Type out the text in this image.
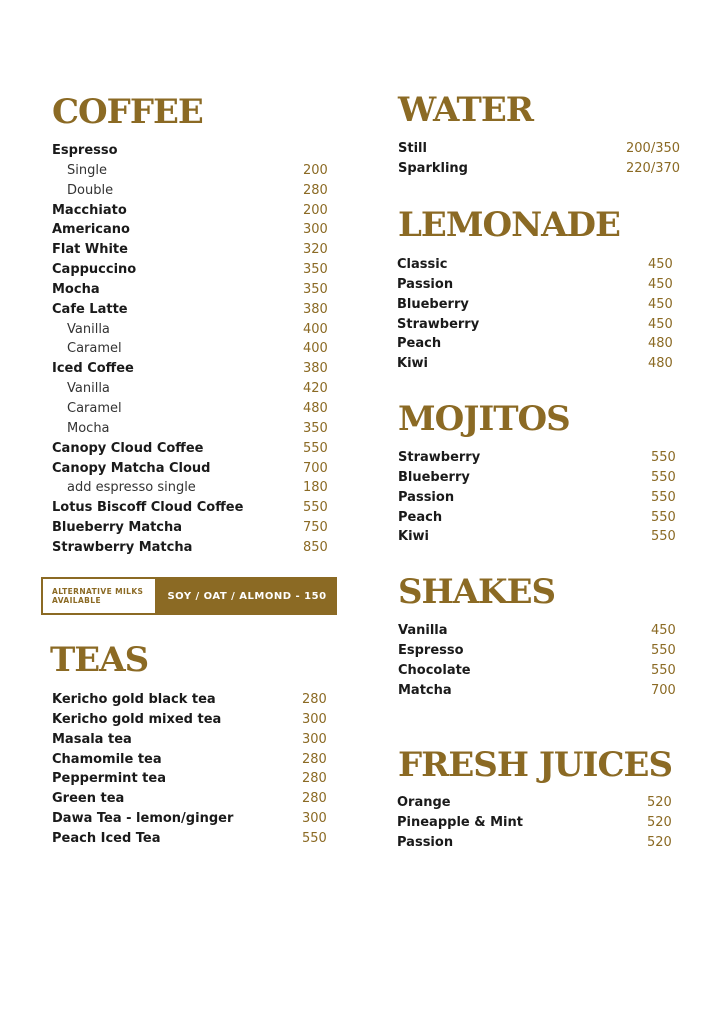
COFFEE
Espresso
Single	200
Double	280
Macchiato	200
Americano	300
Flat White	320
Cappuccino	350
Mocha	350
Cafe Latte	380
Vanilla	400
Caramel	400
Iced Coffee	380
Vanilla	420
Caramel	480
Mocha	350
Canopy Cloud Coffee	550
Canopy Matcha Cloud	700
add espresso single	180
Lotus Biscoff Cloud Coffee	550
Blueberry Matcha	750
Strawberry Matcha	850
ALTERNATIVE MILKS
AVAILABLE	SOY / OAT / ALMOND - 150
TEAS
Kericho gold black tea	280
Kericho gold mixed tea	300
Masala tea	300
Chamomile tea	280
Peppermint tea	280
Green tea	280
Dawa Tea - lemon/ginger	300
Peach Iced Tea	550
WATER
Still	200/350
Sparkling	220/370
LEMONADE
Classic	450
Passion	450
Blueberry	450
Strawberry	450
Peach	480
Kiwi	480
MOJITOS
Strawberry	550
Blueberry	550
Passion	550
Peach	550
Kiwi	550
SHAKES
Vanilla	450
Espresso	550
Chocolate	550
Matcha	700
FRESH JUICES
Orange	520
Pineapple & Mint	520
Passion	520
